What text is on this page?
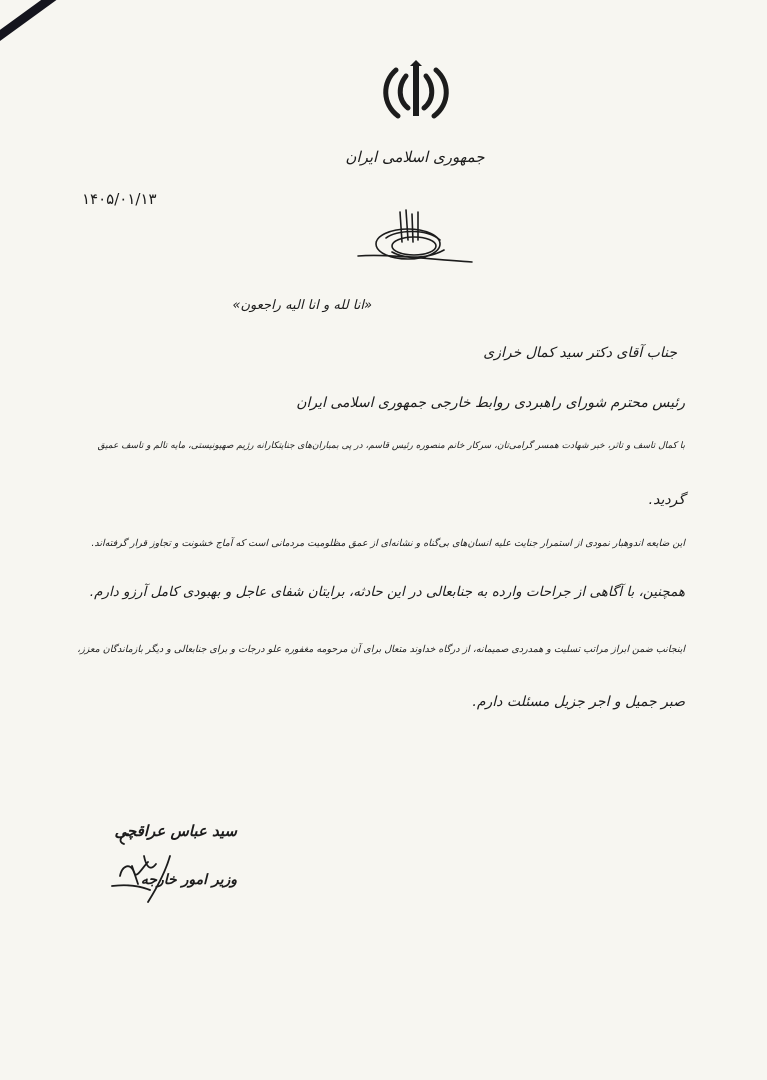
جمهوری اسلامی ایران
۱۴۰۵/۰۱/۱۳
«انا لله و انا الیه راجعون»
جناب آقای دکتر سید کمال خرازی
رئیس محترم شورای راهبردی روابط خارجی جمهوری اسلامی ایران
با کمال تاسف و تاثر، خبر شهادت همسر گرامی‌تان، سرکار خانم منصوره رئیس قاسم، در پی بمباران‌های جنایتکارانه رژیم صهیونیستی، مایه تالم و تاسف عمیق
گردید.
این ضایعه اندوهبار نمودی از استمرار جنایت علیه انسان‌های بی‌گناه و نشانه‌ای از عمق مظلومیت مردمانی است که آماج خشونت و تجاوز قرار گرفته‌اند.
همچنین، با آگاهی از جراحات وارده به جنابعالی در این حادثه، برایتان شفای عاجل و بهبودی کامل آرزو دارم.
اینجانب ضمن ابراز مراتب تسلیت و همدردی صمیمانه، از درگاه خداوند متعال برای آن مرحومه مغفوره علو درجات و برای جنابعالی و دیگر بازماندگان معزز،
صبر جمیل و اجر جزیل مسئلت دارم.
سید عباس عراقچی
وزیر امور خارجه
